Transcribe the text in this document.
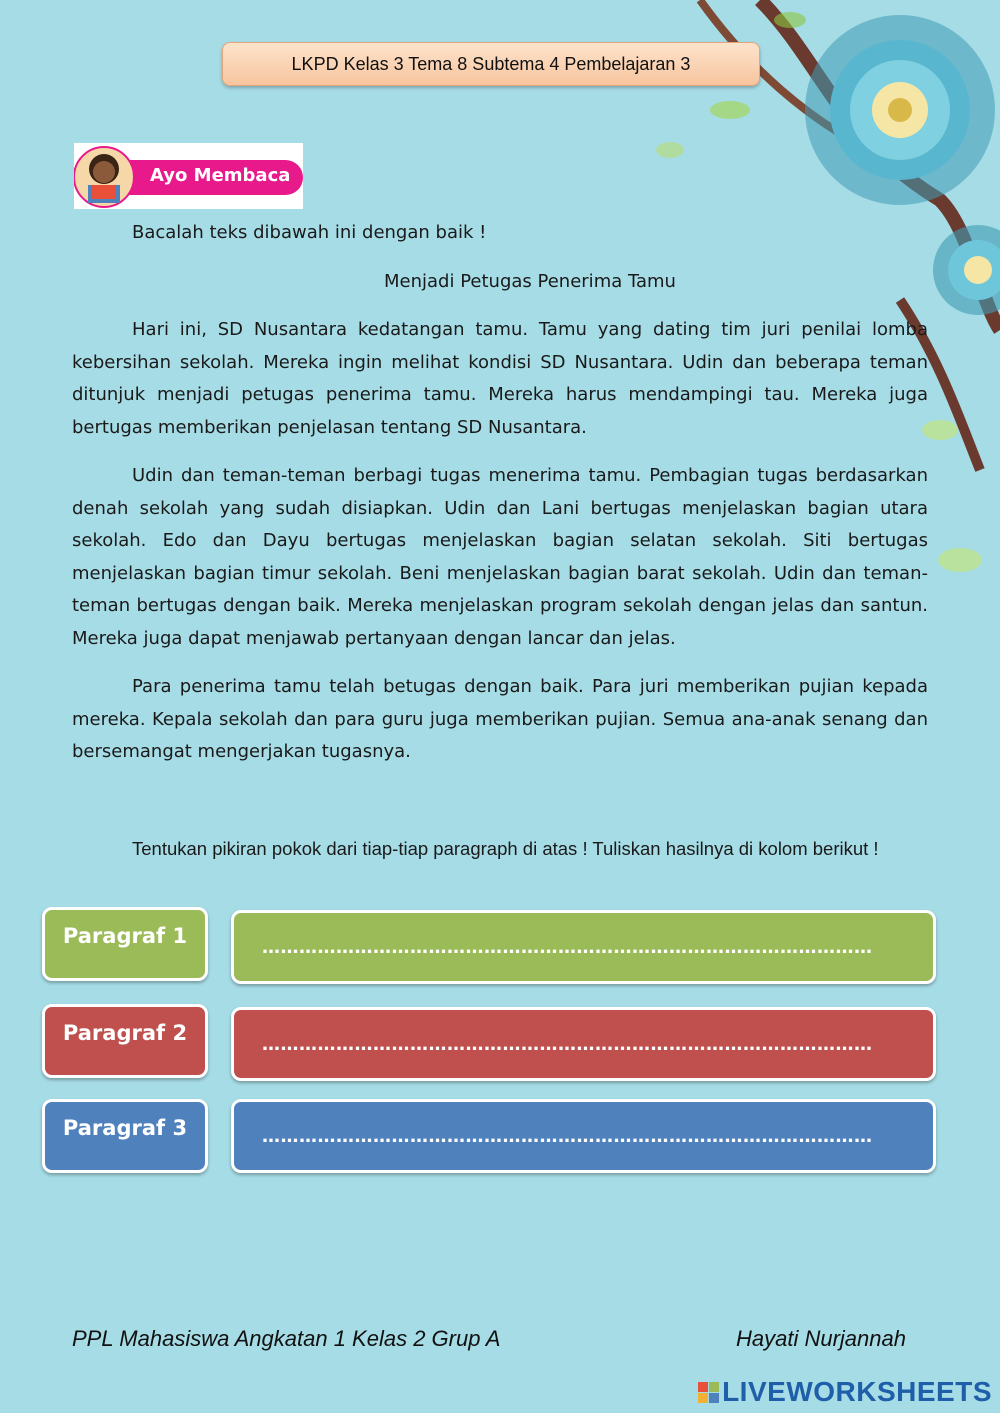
LKPD Kelas 3 Tema 8 Subtema 4 Pembelajaran 3
Ayo Membaca
Bacalah teks dibawah ini dengan baik !
Menjadi Petugas Penerima Tamu

Hari ini, SD Nusantara kedatangan tamu. Tamu yang dating tim juri penilai lomba kebersihan sekolah. Mereka ingin melihat kondisi SD Nusantara. Udin dan beberapa teman ditunjuk menjadi petugas penerima tamu. Mereka harus mendampingi tau. Mereka juga bertugas memberikan penjelasan tentang SD Nusantara.

Udin dan teman-teman berbagi tugas menerima tamu. Pembagian tugas berdasarkan denah sekolah yang sudah disiapkan. Udin dan Lani bertugas menjelaskan bagian utara sekolah. Edo dan Dayu bertugas menjelaskan bagian selatan sekolah. Siti bertugas menjelaskan bagian timur sekolah. Beni menjelaskan bagian barat sekolah. Udin dan teman-teman bertugas dengan baik. Mereka menjelaskan program sekolah dengan jelas dan santun. Mereka juga dapat menjawab pertanyaan dengan lancar dan jelas.

Para penerima tamu telah betugas dengan baik. Para juri memberikan pujian kepada mereka. Kepala sekolah dan para guru juga memberikan pujian. Semua ana-anak senang dan bersemangat mengerjakan tugasnya.

Tentukan pikiran pokok dari tiap-tiap paragraph di atas ! Tuliskan hasilnya di kolom berikut !

Paragraf 1	………………………………………………………………………………………
Paragraf 2	………………………………………………………………………………………
Paragraf 3	………………………………………………………………………………………
PPL Mahasiswa Angkatan 1 Kelas 2 Grup A	Hayati Nurjannah
LIVEWORKSHEETS
